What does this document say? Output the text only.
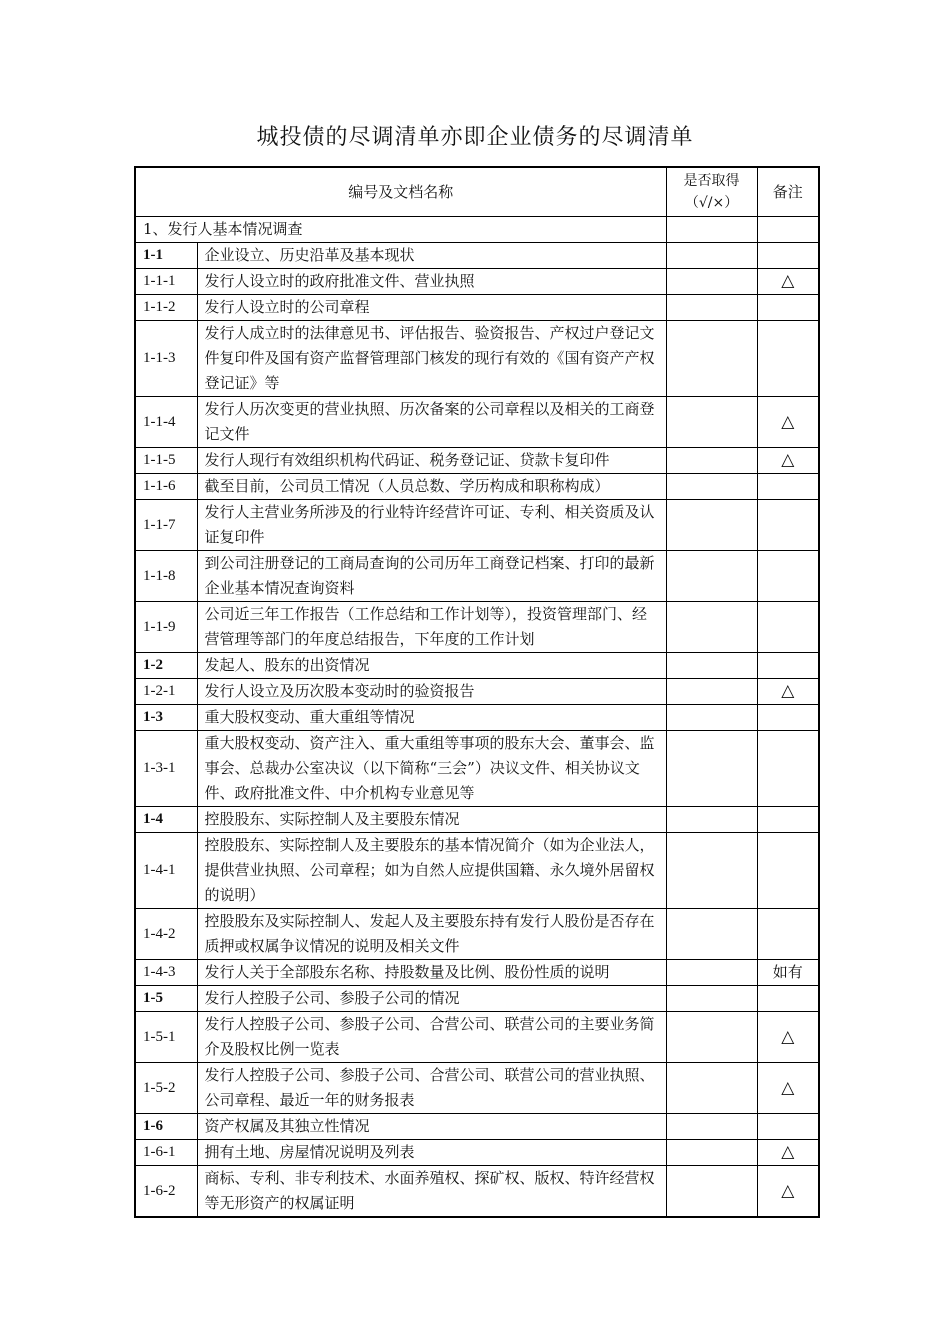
城投债的尽调清单亦即企业债务的尽调清单
编号及文档名称		是否取得
（√/×）	备注
1、发行人基本情况调查			
1-1	企业设立、历史沿革及基本现状		
1-1-1	发行人设立时的政府批准文件、营业执照		△
1-1-2	发行人设立时的公司章程		
1-1-3	发行人成立时的法律意见书、评估报告、验资报告、产权过户登记文件复印件及国有资产监督管理部门核发的现行有效的《国有资产产权登记证》等		
1-1-4	发行人历次变更的营业执照、历次备案的公司章程以及相关的工商登记文件		△
1-1-5	发行人现行有效组织机构代码证、税务登记证、贷款卡复印件		△
1-1-6	截至目前，公司员工情况（人员总数、学历构成和职称构成）		
1-1-7	发行人主营业务所涉及的行业特许经营许可证、专利、相关资质及认证复印件		
1-1-8	到公司注册登记的工商局查询的公司历年工商登记档案、打印的最新企业基本情况查询资料		
1-1-9	公司近三年工作报告（工作总结和工作计划等），投资管理部门、经营管理等部门的年度总结报告，下年度的工作计划		
1-2	发起人、股东的出资情况		
1-2-1	发行人设立及历次股本变动时的验资报告		△
1-3	重大股权变动、重大重组等情况		
1-3-1	重大股权变动、资产注入、重大重组等事项的股东大会、董事会、监事会、总裁办公室决议（以下简称“三会”）决议文件、相关协议文件、政府批准文件、中介机构专业意见等		
1-4	控股股东、实际控制人及主要股东情况		
1-4-1	控股股东、实际控制人及主要股东的基本情况简介（如为企业法人，提供营业执照、公司章程；如为自然人应提供国籍、永久境外居留权的说明）		
1-4-2	控股股东及实际控制人、发起人及主要股东持有发行人股份是否存在质押或权属争议情况的说明及相关文件		
1-4-3	发行人关于全部股东名称、持股数量及比例、股份性质的说明		如有
1-5	发行人控股子公司、参股子公司的情况		
1-5-1	发行人控股子公司、参股子公司、合营公司、联营公司的主要业务简介及股权比例一览表		△
1-5-2	发行人控股子公司、参股子公司、合营公司、联营公司的营业执照、公司章程、最近一年的财务报表		△
1-6	资产权属及其独立性情况		
1-6-1	拥有土地、房屋情况说明及列表		△
1-6-2	商标、专利、非专利技术、水面养殖权、探矿权、版权、特许经营权等无形资产的权属证明		△
